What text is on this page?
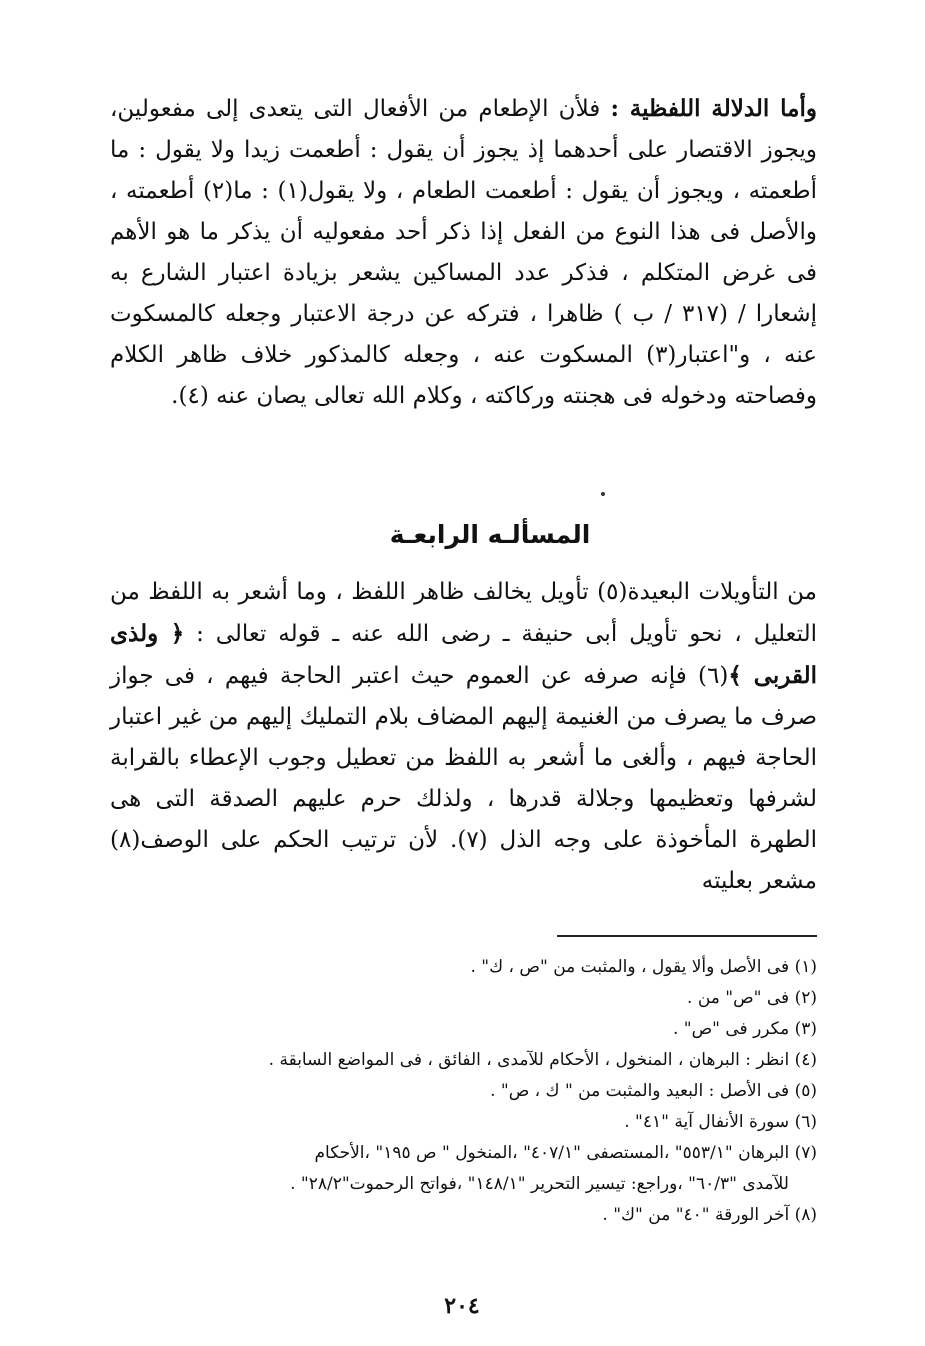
وأما الدلالة اللفظية : فلأن الإطعام من الأفعال التى يتعدى إلى مفعولين، ويجوز الاقتصار على أحدهما إذ يجوز أن يقول : أطعمت زيدا ولا يقول : ما أطعمته ، ويجوز أن يقول : أطعمت الطعام ، ولا يقول(١) : ما(٢) أطعمته ، والأصل فى هذا النوع من الفعل إذا ذكر أحد مفعوليه أن يذكر ما هو الأهم فى غرض المتكلم ، فذكر عدد المساكين يشعر بزيادة اعتبار الشارع به إشعارا / (٣١٧ / ب ) ظاهرا ، فتركه عن درجة الاعتبار وجعله كالمسكوت عنه ، و"اعتبار(٣) المسكوت عنه ، وجعله كالمذكور خلاف ظاهر الكلام وفصاحته ودخوله فى هجنته وركاكته ، وكلام الله تعالى يصان عنه (٤).

المسألـه الرابعـة

من التأويلات البعيدة(٥) تأويل يخالف ظاهر اللفظ ، وما أشعر به اللفظ من التعليل ، نحو تأويل أبى حنيفة ـ رضى الله عنه ـ قوله تعالى : ﴿ ولذى القربى ﴾(٦) فإنه صرفه عن العموم حيث اعتبر الحاجة فيهم ، فى جواز صرف ما يصرف من الغنيمة إليهم المضاف بلام التمليك إليهم من غير اعتبار الحاجة فيهم ، وألغى ما أشعر به اللفظ من تعطيل وجوب الإعطاء بالقرابة لشرفها وتعظيمها وجلالة قدرها ، ولذلك حرم عليهم الصدقة التى هى الطهرة المأخوذة على وجه الذل (٧). لأن ترتيب الحكم على الوصف(٨) مشعر بعليته

(١) فى الأصل وألا يقول ، والمثبت من "ص ، ك" .

(٢) فى "ص" من .

(٣) مكرر فى "ص" .

(٤) انظر : البرهان ، المنخول ، الأحكام للآمدى ، الفائق ، فى المواضع السابقة .

(٥) فى الأصل : البعيد والمثبت من " ك ، ص" .

(٦) سورة الأنفال آية "٤١" .

(٧) البرهان "٥٥٣/١" ،المستصفى "٤٠٧/١" ،المنخول " ص ١٩٥" ،الأحكام

للآمدى "٦٠/٣" ،وراجع: تيسير التحرير "١٤٨/١" ،فواتح الرحموت"٢٨/٢" .

(٨) آخر الورقة "٤٠" من "ك" .

٢٠٤
